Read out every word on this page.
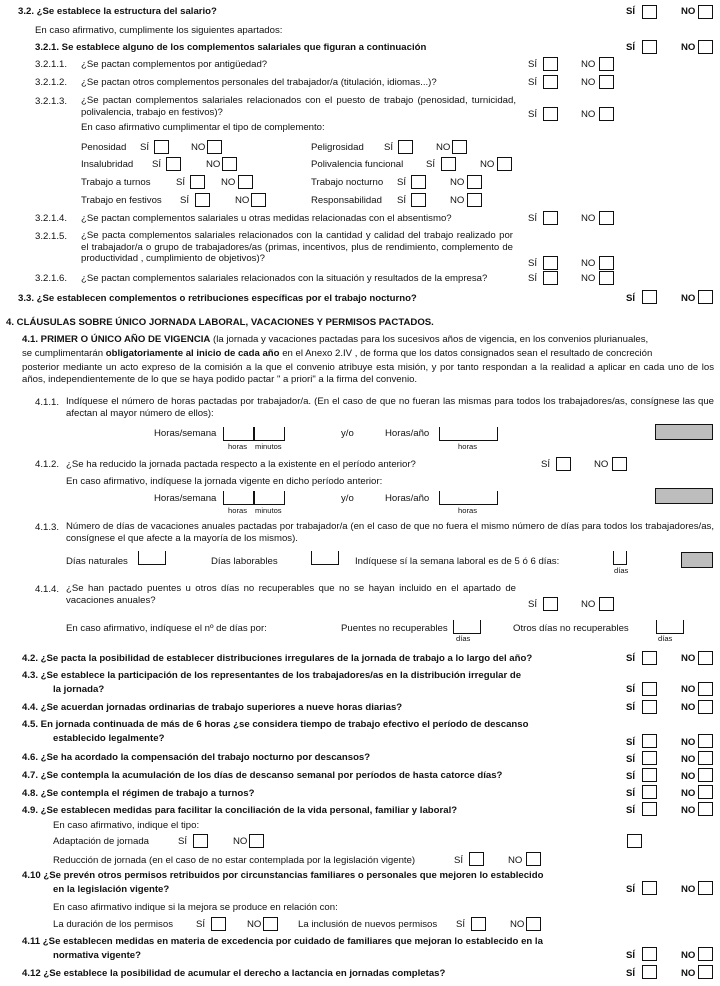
3.2. ¿Se establece la estructura del salario?	SÍ	NO
En caso afirmativo, cumplimente los siguientes apartados:
3.2.1. Se establece alguno de los complementos salariales que figuran a continuación	SÍ	NO
3.2.1.1. ¿Se pactan complementos por antigüedad?	SÍ	NO
3.2.1.2. ¿Se pactan otros complementos personales del trabajador/a (titulación, idiomas...)?	SÍ	NO
3.2.1.3. ¿Se pactan complementos salariales relacionados con el puesto de trabajo (penosidad, turnicidad, polivalencia, trabajo en festivos)?	SÍ	NO
En caso afirmativo cumplimentar el tipo de complemento:
Penosidad SÍ	NO	Peligrosidad SÍ	NO
Insalubridad SÍ	NO	Polivalencia funcional SÍ	NO
Trabajo a turnos	SÍ	NO	Trabajo nocturno SÍ	NO
Trabajo en festivos SÍ	NO	Responsabilidad SÍ	NO
3.2.1.4. ¿Se pactan complementos salariales u otras medidas relacionadas con el absentismo?	SÍ	NO
3.2.1.5. ¿Se pacta complementos salariales relacionados con la cantidad y calidad del trabajo realizado por el trabajador/a o grupo de trabajadores/as (primas, incentivos, plus de rendimiento, complemento de productividad , cumplimiento de objetivos)?	SÍ	NO
3.2.1.6. ¿Se pactan complementos salariales relacionados con la situación y resultados de la empresa?	SÍ	NO
3.3. ¿Se establecen complementos o retribuciones específicas por el trabajo nocturno?	SÍ	NO
4. CLÁUSULAS SOBRE ÚNICO JORNADA LABORAL, VACACIONES Y PERMISOS PACTADOS.
4.1. PRIMER O ÚNICO AÑO DE VIGENCIA (la jornada y vacaciones pactadas para los sucesivos años de vigencia, en los convenios plurianuales,
se cumplimentarán obligatoriamente al inicio de cada año en el Anexo 2.IV , de forma que los datos consignados sean el resultado de concreción
posterior mediante un acto expreso de la comisión a la que el convenio atribuye esta misión, y por tanto respondan a la realidad a aplicar en cada uno de los años, independientemente de lo que se haya podido pactar " a priori" a la firma del convenio.
4.1.1. Indíquese el número de horas pactadas por trabajador/a. (En el caso de que no fueran las mismas para todos los trabajadores/as, consígnese las que afectan al mayor número de ellos):
Horas/semana
horas minutos
y/o	Horas/año
horas
4.1.2. ¿Se ha reducido la jornada pactada respecto a la existente en el período anterior?	SÍ	NO
En caso afirmativo, indíquese la jornada vigente en dicho período anterior:
Horas/semana
horas minutos
y/o	Horas/año
horas
4.1.3. Número de días de vacaciones anuales pactadas por trabajador/a (en el caso de que no fuera el mismo número de días para todos los trabajadores/as, consígnese el que afecte a la mayoría de los mismos).
Días naturales	Días laborables	Indíquese sí la semana laboral es de 5 ó 6 días:
días
4.1.4. ¿Se han pactado puentes u otros días no recuperables que no se hayan incluido en el apartado de vacaciones anuales?	SÍ	NO
En caso afirmativo, indíquese el nº de días por:	Puentes no recuperables
días
Otros días no recuperables
días
4.2. ¿Se pacta la posibilidad de establecer distribuciones irregulares de la jornada de trabajo a lo largo del año?	SÍ	NO
4.3. ¿Se establece la participación de los representantes de los trabajadores/as en la distribución irregular de
la jornada?	SÍ	NO
4.4. ¿Se acuerdan jornadas ordinarias de trabajo superiores a nueve horas diarias?	SÍ	NO
4.5. En jornada continuada de más de 6 horas ¿se considera tiempo de trabajo efectivo el período de descanso
establecido legalmente?	SÍ	NO
4.6. ¿Se ha acordado la compensación del trabajo nocturno por descansos?	SÍ	NO
4.7. ¿Se contempla la acumulación de los días de descanso semanal por períodos de hasta catorce días?	SÍ	NO
4.8. ¿Se contempla el régimen de trabajo a turnos?	SÍ	NO
4.9. ¿Se establecen medidas para facilitar la conciliación de la vida personal, familiar y laboral?	SÍ	NO
En caso afirmativo, indique el tipo:
Adaptación de jornada	SÍ	NO
Reducción de jornada (en el caso de no estar contemplada por la legislación vigente)	SÍ	NO
4.10 ¿Se prevén otros permisos retribuidos por circunstancias familiares o personales que mejoren lo establecido
en la legislación vigente?	SÍ	NO
En caso afirmativo indique si la mejora se produce en relación con:
La duración de los permisos SÍ	NO	La inclusión de nuevos permisos SÍ	NO
4.11 ¿Se establecen medidas en materia de excedencia por cuidado de familiares que mejoran lo establecido en la
normativa vigente?	SÍ	NO
4.12 ¿Se establece la posibilidad de acumular el derecho a lactancia en jornadas completas?	SÍ	NO
